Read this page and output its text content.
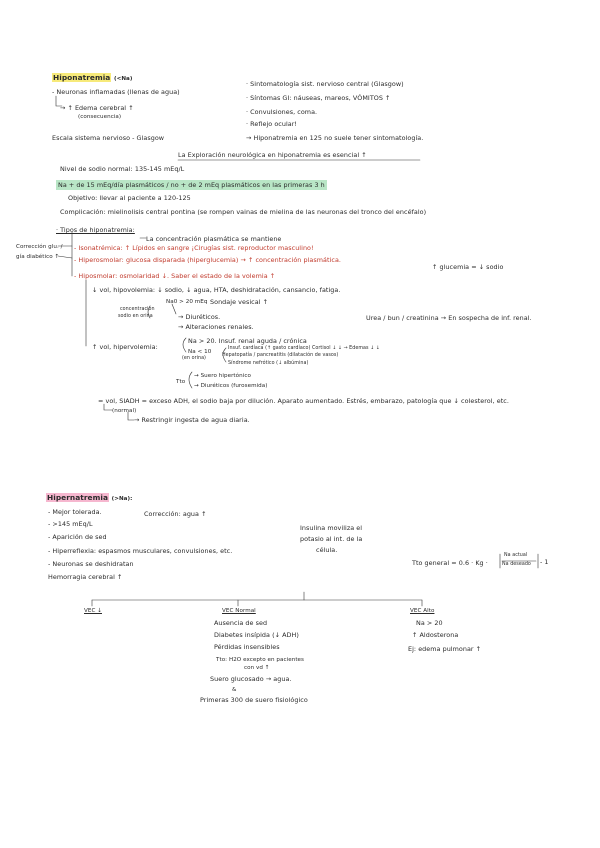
Hiponatremia (<Na)
- Neuronas inflamadas (llenas de agua)
→ ↑ Edema cerebral ↑
(consecuencia)
Escala sistema nervioso - Glasgow
· Sintomatología sist. nervioso central (Glasgow)
· Síntomas GI: náuseas, mareos, VÓMITOS ↑
· Convulsiones, coma.
· Reflejo ocular!
→ Hiponatremia en 125 no suele tener sintomatología.
La Exploración neurológica en hiponatremia es esencial ↑
Nivel de sodio normal: 135-145 mEq/L
Na + de 15 mEq/día plasmáticos / no + de 2 mEq plasmáticos en las primeras 3 h
Objetivo: llevar al paciente a 120-125
Complicación: mielinolisis central pontina (se rompen vainas de mielina de las neuronas del tronco del encéfalo)
· Tipos de hiponatremia:
La concentración plasmática se mantiene
Corrección glu. /
gía diabético ↑
- Isonatrémica: ↑ Lípidos en sangre ¡Cirugías sist. reproductor masculino!
- Hiperosmolar: glucosa disparada (hiperglucemia) → ↑ concentración plasmática.
↑ glucemia = ↓ sodio
- Hiposmolar: osmolaridad ↓. Saber el estado de la volemia ↑
↓ vol, hipovolemia: ↓ sodio, ↓ agua, HTA, deshidratación, cansancio, fatiga.
Na0 > 20 mEq Sondaje vesical ↑
concentración
sodio en orina	→ Diuréticos.
→ Alteraciones renales.
Urea / bun / creatinina → En sospecha de inf. renal.
↑ vol, hipervolemia:
Na > 20. Insuf. renal aguda / crónica
Na < 10
(en orina)
Insuf. cardíaca (↑ gasto cardíaco) Cortisol ↓ ↓ → Edemas ↓ ↓
Hepatopatía / pancreatitis (dilatación de vasos)
Síndrome nefrótico (↓ albúmina)
Tto
→ Suero hipertónico
→ Diuréticos (furosemida)
= vol, SIADH = exceso ADH, el sodio baja por dilución. Aparato aumentado. Estrés, embarazo, patología que ↓ colesterol, etc.
(normal)
→ Restringir ingesta de agua diaria.
Hipernatremia (>Na):
- Mejor tolerada.
- >145 mEq/L
- Aparición de sed
- Hiperreflexia: espasmos musculares, convulsiones, etc.
- Neuronas se deshidratan
Hemorragia cerebral ↑
Corrección: agua ↑
Insulina moviliza el
potasio al int. de la
célula.
Tto general = 0.6 · Kg ·
Na actual
Na deseado - 1
VEC ↓	VEC Normal	VEC Alto
Ausencia de sed
Diabetes insípida (↓ ADH)
Pérdidas insensibles
Tto: H2O excepto en pacientes
con vd ↑
Suero glucosado → agua.
&
Primeras 300 de suero fisiológico
Na > 20
↑ Aldosterona
Ej: edema pulmonar ↑
